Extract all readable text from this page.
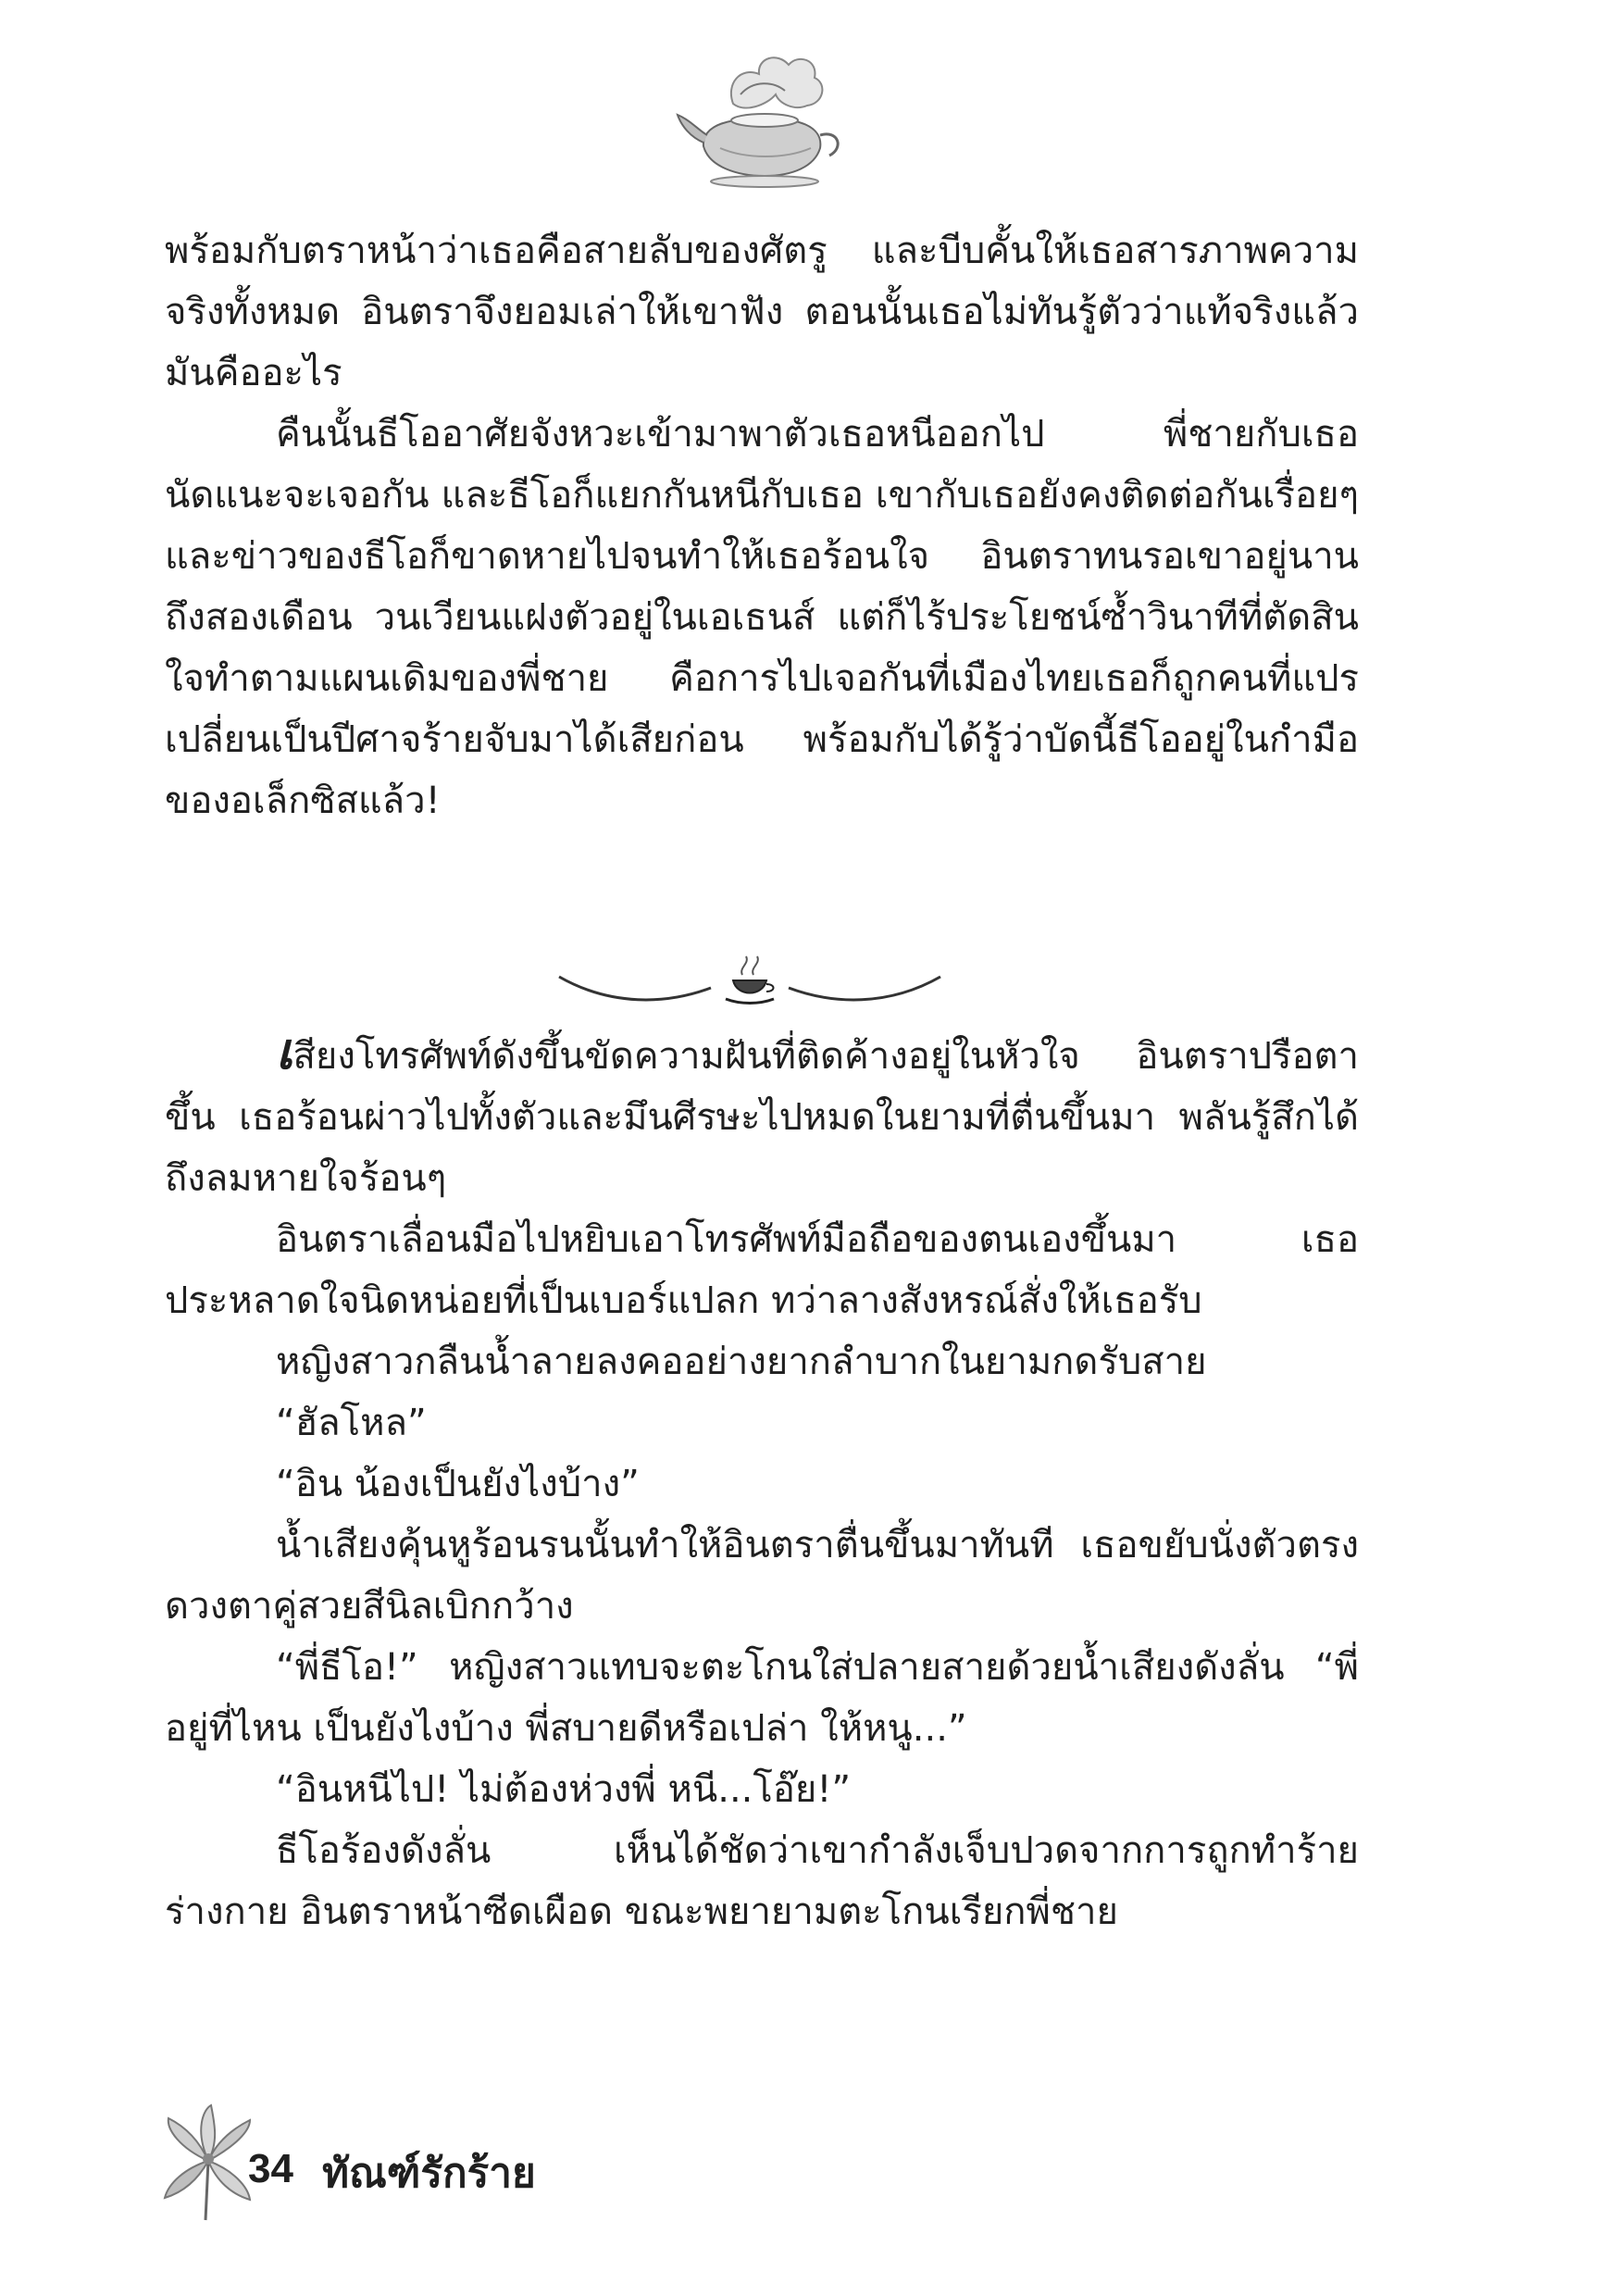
พร้อมกับตราหน้าว่าเธอคือสายลับของศัตรู และบีบคั้นให้เธอสารภาพความจริงทั้งหมด อินตราจึงยอมเล่าให้เขาฟัง ตอนนั้นเธอไม่ทันรู้ตัวว่าแท้จริงแล้วมันคืออะไร

คืนนั้นธีโออาศัยจังหวะเข้ามาพาตัวเธอหนีออกไป พี่ชายกับเธอนัดแนะจะเจอกัน และธีโอก็แยกกันหนีกับเธอ เขากับเธอยังคงติดต่อกันเรื่อยๆ และข่าวของธีโอก็ขาดหายไปจนทำให้เธอร้อนใจ อินตราทนรอเขาอยู่นานถึงสองเดือน วนเวียนแฝงตัวอยู่ในเอเธนส์ แต่ก็ไร้ประโยชน์ซ้ำวินาทีที่ตัดสินใจทำตามแผนเดิมของพี่ชาย คือการไปเจอกันที่เมืองไทยเธอก็ถูกคนที่แปรเปลี่ยนเป็นปีศาจร้ายจับมาได้เสียก่อน พร้อมกับได้รู้ว่าบัดนี้ธีโออยู่ในกำมือของอเล็กซิสแล้ว!

เสียงโทรศัพท์ดังขึ้นขัดความฝันที่ติดค้างอยู่ในหัวใจ อินตราปรือตาขึ้น เธอร้อนผ่าวไปทั้งตัวและมึนศีรษะไปหมดในยามที่ตื่นขึ้นมา พลันรู้สึกได้ถึงลมหายใจร้อนๆ

อินตราเลื่อนมือไปหยิบเอาโทรศัพท์มือถือของตนเองขึ้นมา เธอประหลาดใจนิดหน่อยที่เป็นเบอร์แปลก ทว่าลางสังหรณ์สั่งให้เธอรับ

หญิงสาวกลืนน้ำลายลงคออย่างยากลำบากในยามกดรับสาย

“ฮัลโหล”

“อิน น้องเป็นยังไงบ้าง”

น้ำเสียงคุ้นหูร้อนรนนั้นทำให้อินตราตื่นขึ้นมาทันที เธอขยับนั่งตัวตรงดวงตาคู่สวยสีนิลเบิกกว้าง

“พี่ธีโอ!” หญิงสาวแทบจะตะโกนใส่ปลายสายด้วยน้ำเสียงดังลั่น “พี่อยู่ที่ไหน เป็นยังไงบ้าง พี่สบายดีหรือเปล่า ให้หนู...”

“อินหนีไป! ไม่ต้องห่วงพี่ หนี...โอ๊ย!”

ธีโอร้องดังลั่น เห็นได้ชัดว่าเขากำลังเจ็บปวดจากการถูกทำร้ายร่างกาย อินตราหน้าซีดเผือด ขณะพยายามตะโกนเรียกพี่ชาย

34 ทัณฑ์รักร้าย
